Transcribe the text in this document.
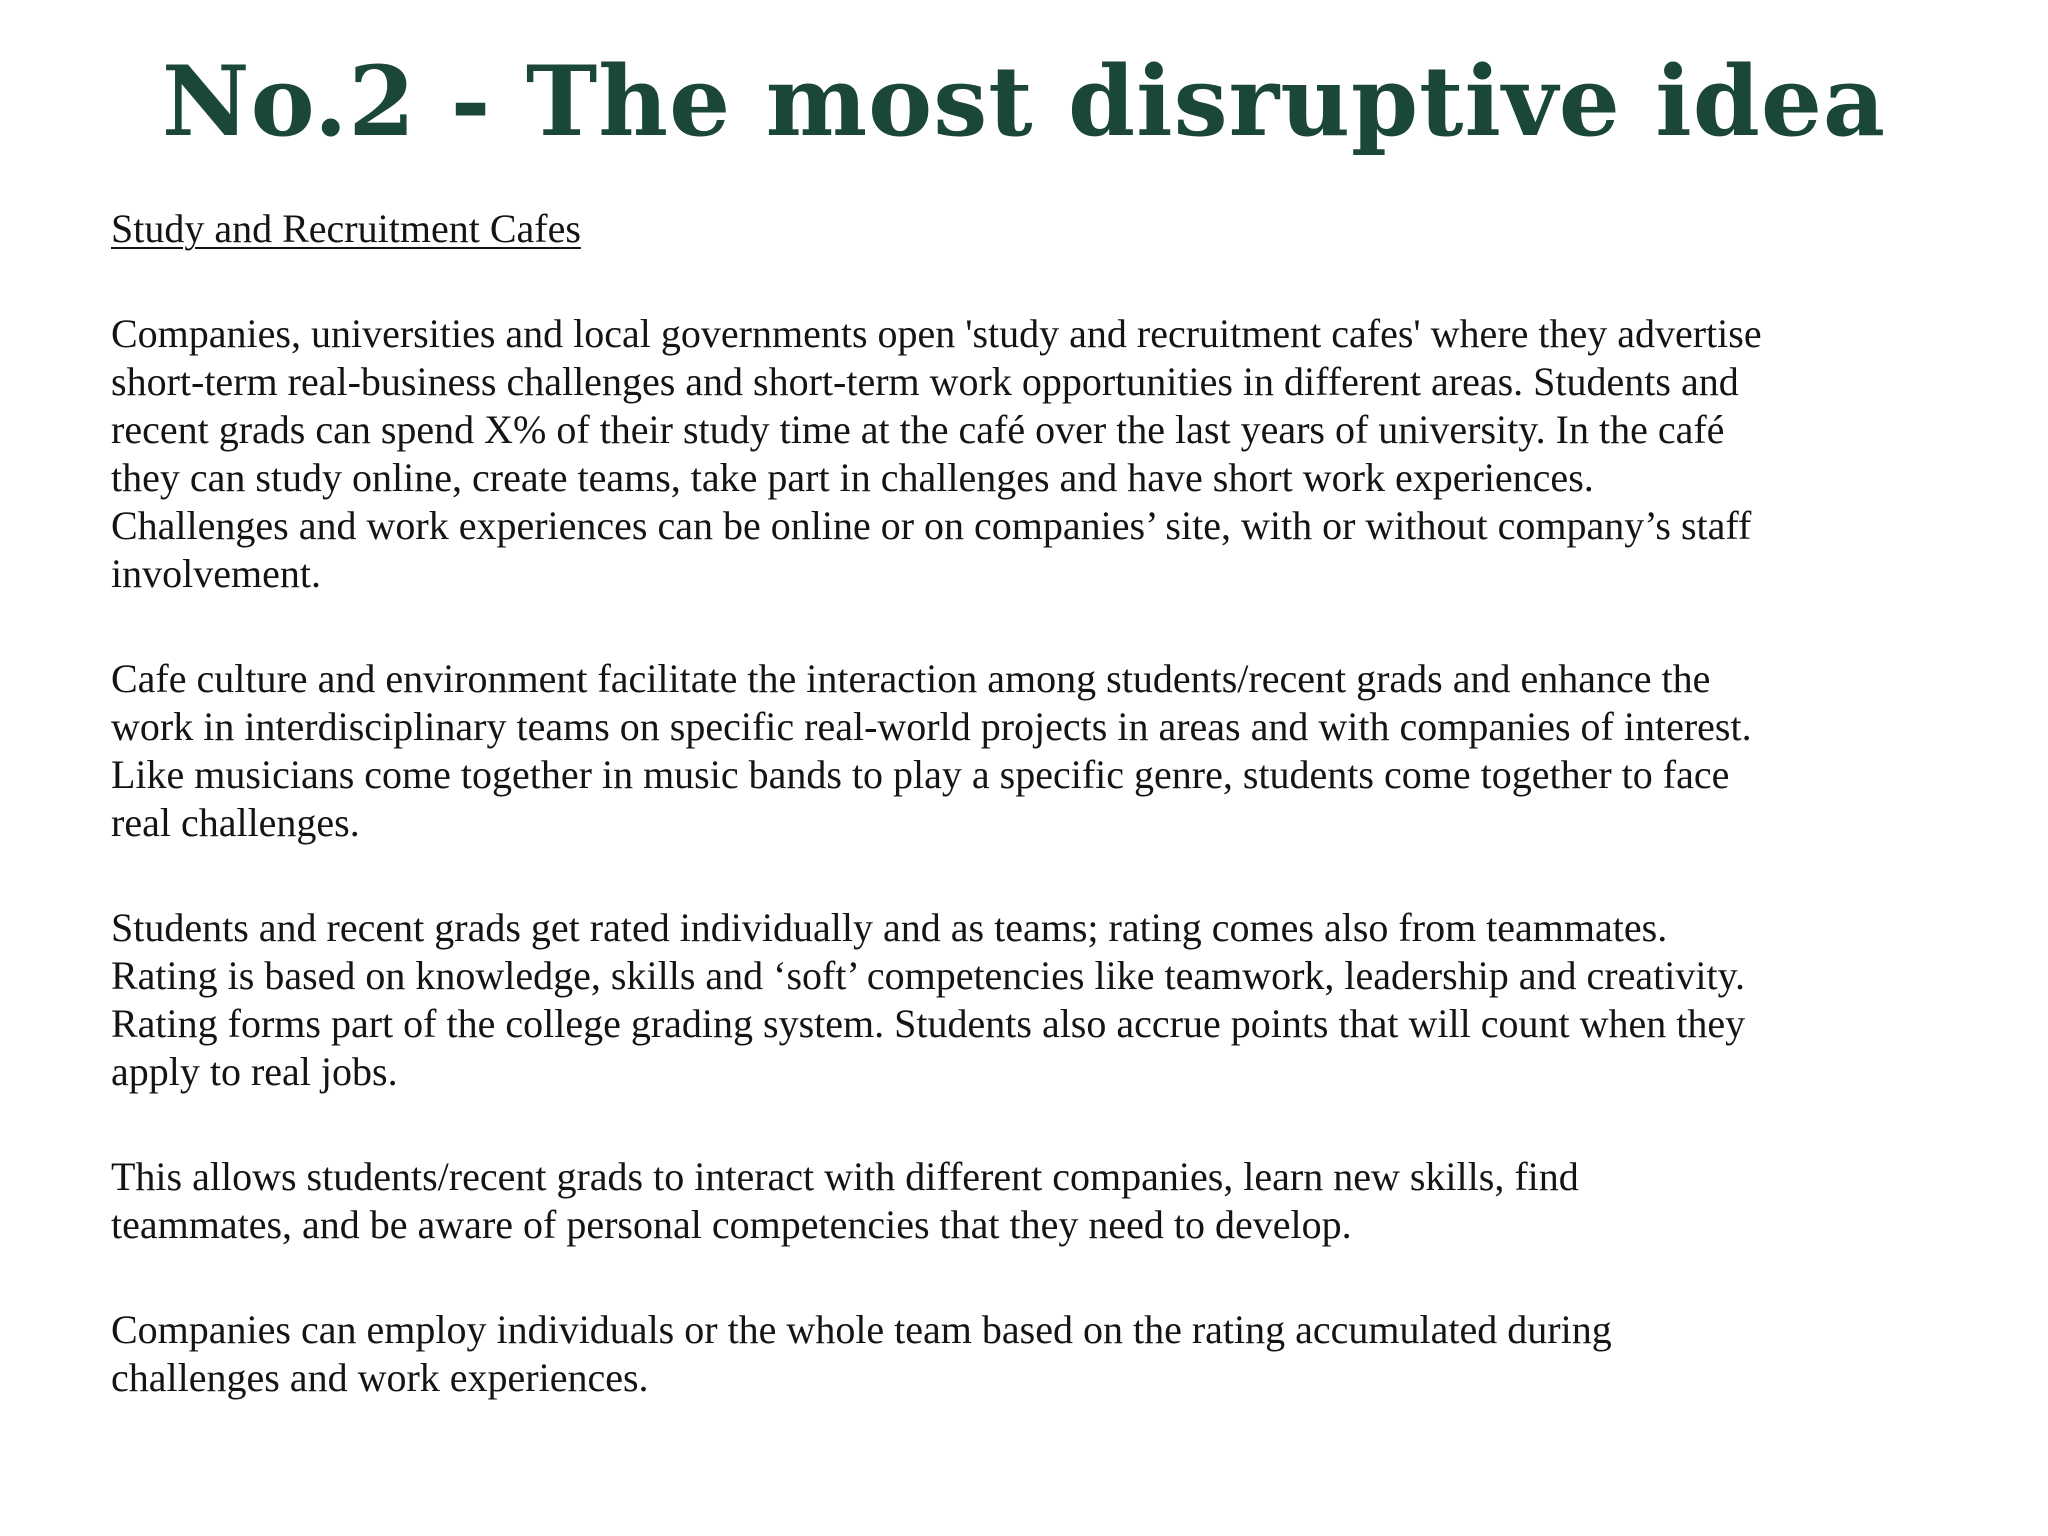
No.2 - The most disruptive idea

Study and Recruitment Cafes

Companies, universities and local governments open 'study and recruitment cafes' where they advertise
short-term real-business challenges and short-term work opportunities in different areas. Students and
recent grads can spend X% of their study time at the café over the last years of university. In the café
they can study online, create teams, take part in challenges and have short work experiences.
Challenges and work experiences can be online or on companies’ site, with or without company’s staff
involvement.

Cafe culture and environment facilitate the interaction among students/recent grads and enhance the
work in interdisciplinary teams on specific real-world projects in areas and with companies of interest.
Like musicians come together in music bands to play a specific genre, students come together to face
real challenges.

Students and recent grads get rated individually and as teams; rating comes also from teammates.
Rating is based on knowledge, skills and ‘soft’ competencies like teamwork, leadership and creativity.
Rating forms part of the college grading system. Students also accrue points that will count when they
apply to real jobs.

This allows students/recent grads to interact with different companies, learn new skills, find
teammates, and be aware of personal competencies that they need to develop.

Companies can employ individuals or the whole team based on the rating accumulated during
challenges and work experiences.
